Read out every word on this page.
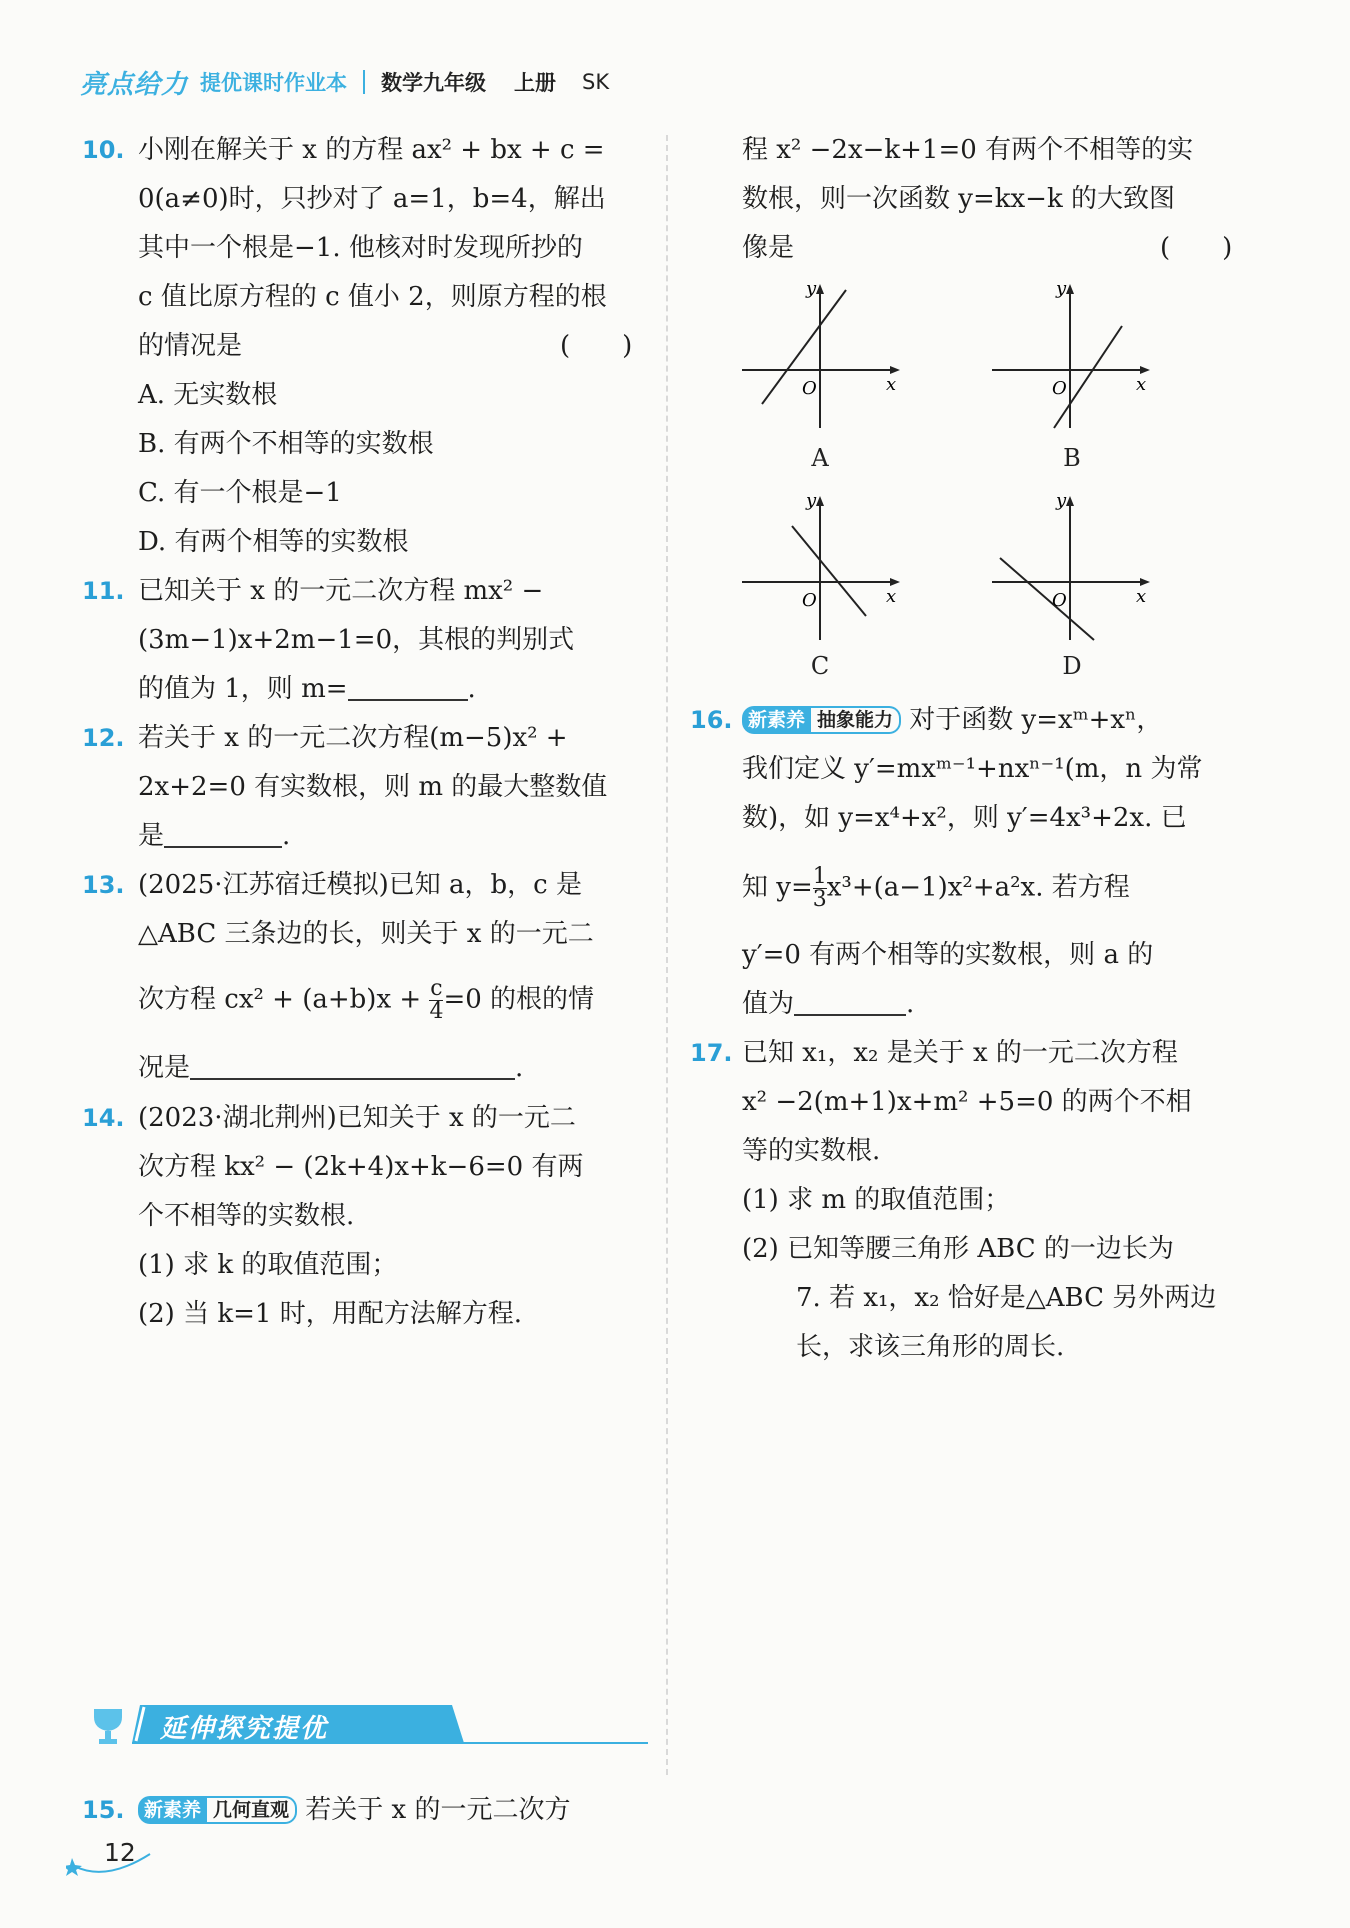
亮点给力 提优课时作业本 数学九年级 上册 SK
10. 小刚在解关于 x 的方程 ax² + bx + c =
0(a≠0)时，只抄对了 a=1，b=4，解出
其中一个根是−1. 他核对时发现所抄的
c 值比原方程的 c 值小 2，则原方程的根
的情况是	(　　)
A. 无实数根
B. 有两个不相等的实数根
C. 有一个根是−1
D. 有两个相等的实数根
11. 已知关于 x 的一元二次方程 mx² −
(3m−1)x+2m−1=0，其根的判别式
的值为 1，则 m=	.
12. 若关于 x 的一元二次方程(m−5)x² +
2x+2=0 有实数根，则 m 的最大整数值
是	.
13. (2025·江苏宿迁模拟)已知 a，b，c 是
△ABC 三条边的长，则关于 x 的一元二
次方程 $cx^2 + (a+b)x + \frac{c}{4} =0$ 的根的情
况是	.
14. (2023·湖北荆州)已知关于 x 的一元二
次方程 kx² − (2k+4)x+k−6=0 有两
个不相等的实数根.
(1) 求 k 的取值范围；
(2) 当 k=1 时，用配方法解方程.
延伸探究提优
15.	新素养 几何直观 若关于 x 的一元二次方
程 x² −2x−k+1=0 有两个不相等的实
数根，则一次函数 y=kx−k 的大致图
像是	(　　)
y
x
O
A
y
x
O
B
y
x
O
C
y
x
O
D
16. 新素养 抽象能力 对于函数 y=xᵐ+xⁿ，
我们定义 y′=mxᵐ⁻¹+nxⁿ⁻¹(m，n 为常
数)，如 y=x⁴+x²，则 y′=4x³+2x. 已
知 $y= \frac{1}{3} x^3+(a-1)x^2+a^2x$. 若方程
y′=0 有两个相等的实数根，则 a 的
值为	.
17. 已知 x₁，x₂ 是关于 x 的一元二次方程
x² −2(m+1)x+m² +5=0 的两个不相
等的实数根.
(1) 求 m 的取值范围；
(2) 已知等腰三角形 ABC 的一边长为
7. 若 x₁，x₂ 恰好是△ABC 另外两边
长，求该三角形的周长.
12
